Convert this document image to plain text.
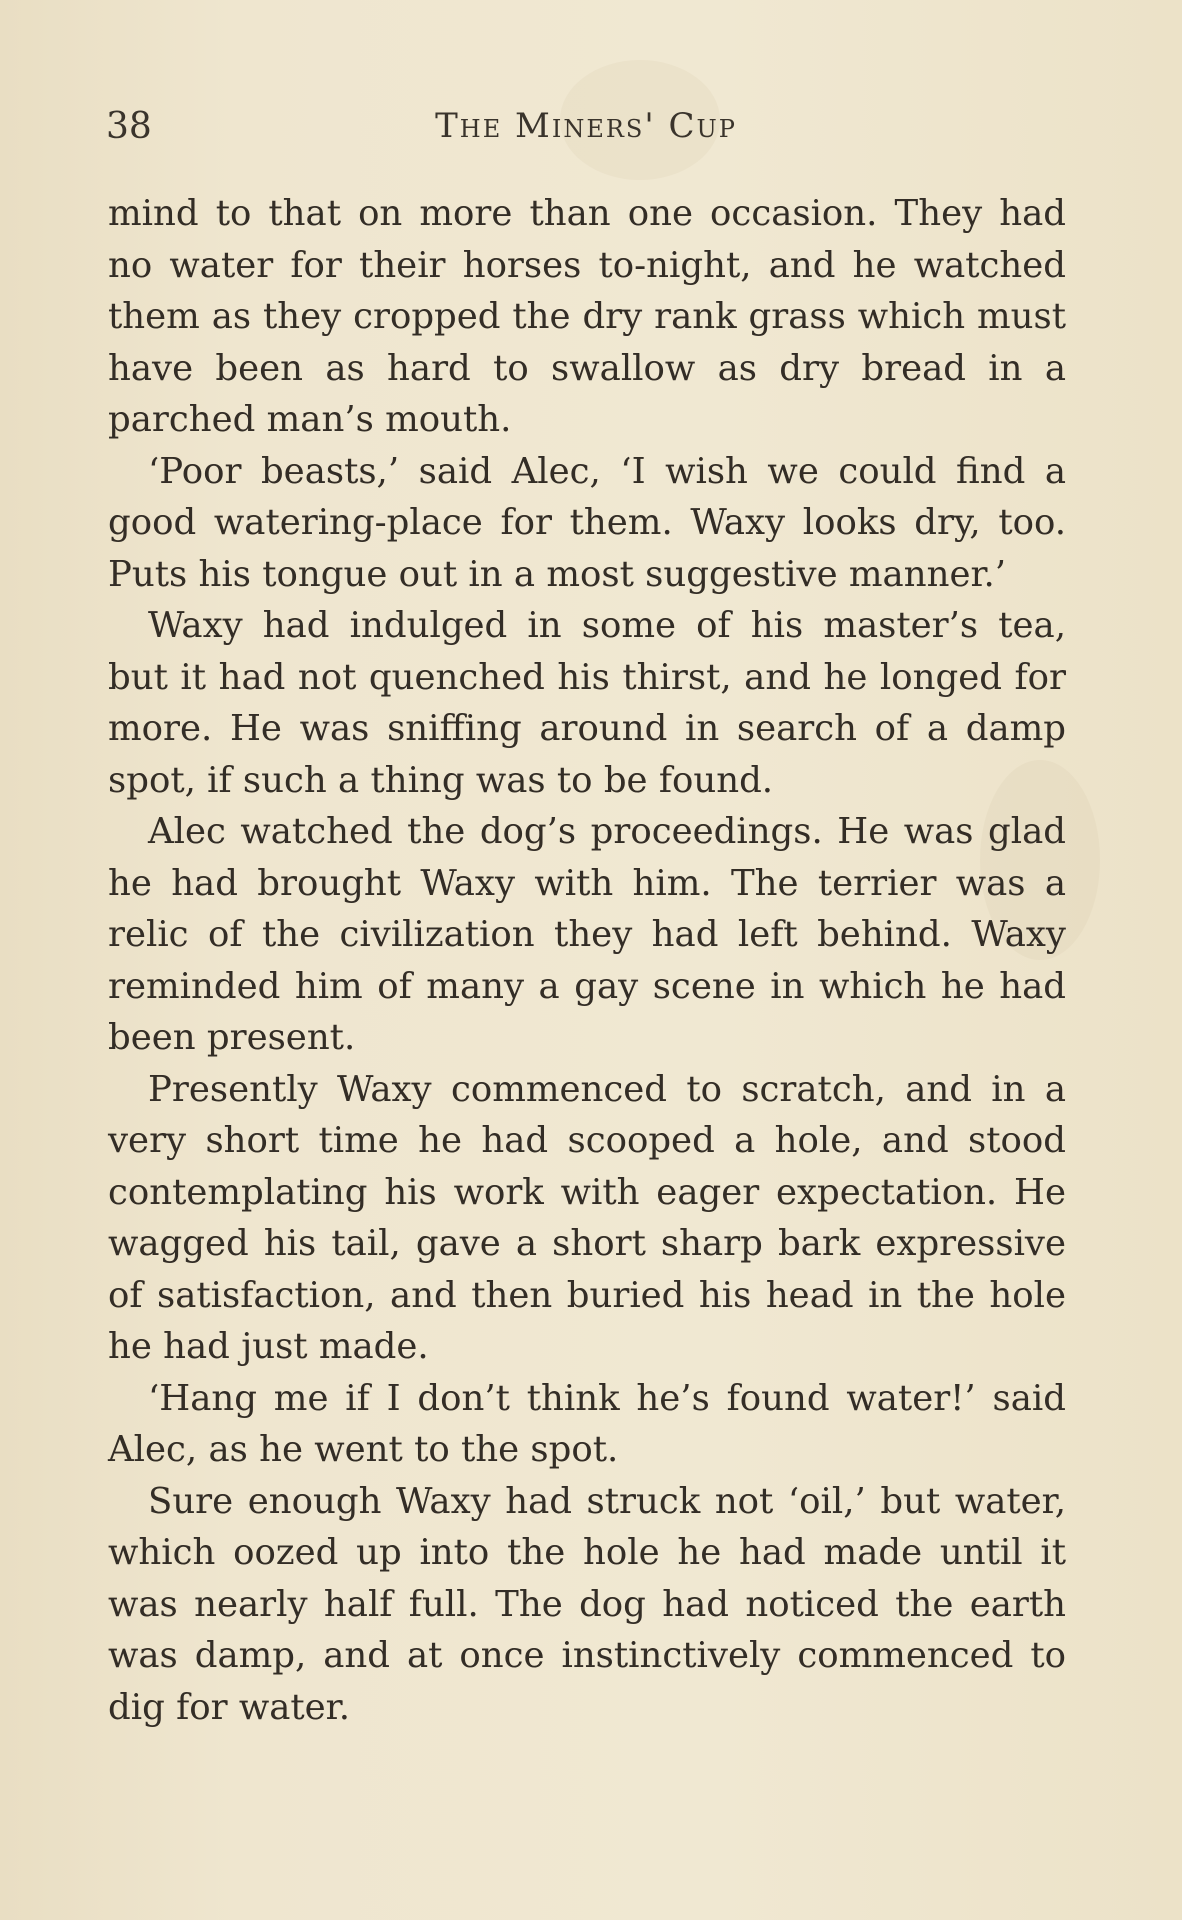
38	The Miners' Cup

mind to that on more than one occasion. They had no water for their horses to-night, and he watched them as they cropped the dry rank grass which must have been as hard to swallow as dry bread in a parched man’s mouth.

‘Poor beasts,’ said Alec, ‘I wish we could find a good watering-place for them. Waxy looks dry, too. Puts his tongue out in a most suggestive manner.’

Waxy had indulged in some of his master’s tea, but it had not quenched his thirst, and he longed for more. He was sniffing around in search of a damp spot, if such a thing was to be found.

Alec watched the dog’s proceedings. He was glad he had brought Waxy with him. The terrier was a relic of the civilization they had left behind. Waxy reminded him of many a gay scene in which he had been present.

Presently Waxy commenced to scratch, and in a very short time he had scooped a hole, and stood contemplating his work with eager expectation. He wagged his tail, gave a short sharp bark expressive of satisfaction, and then buried his head in the hole he had just made.

‘Hang me if I don’t think he’s found water!’ said Alec, as he went to the spot.

Sure enough Waxy had struck not ‘oil,’ but water, which oozed up into the hole he had made until it was nearly half full. The dog had noticed the earth was damp, and at once instinctively commenced to dig for water.
